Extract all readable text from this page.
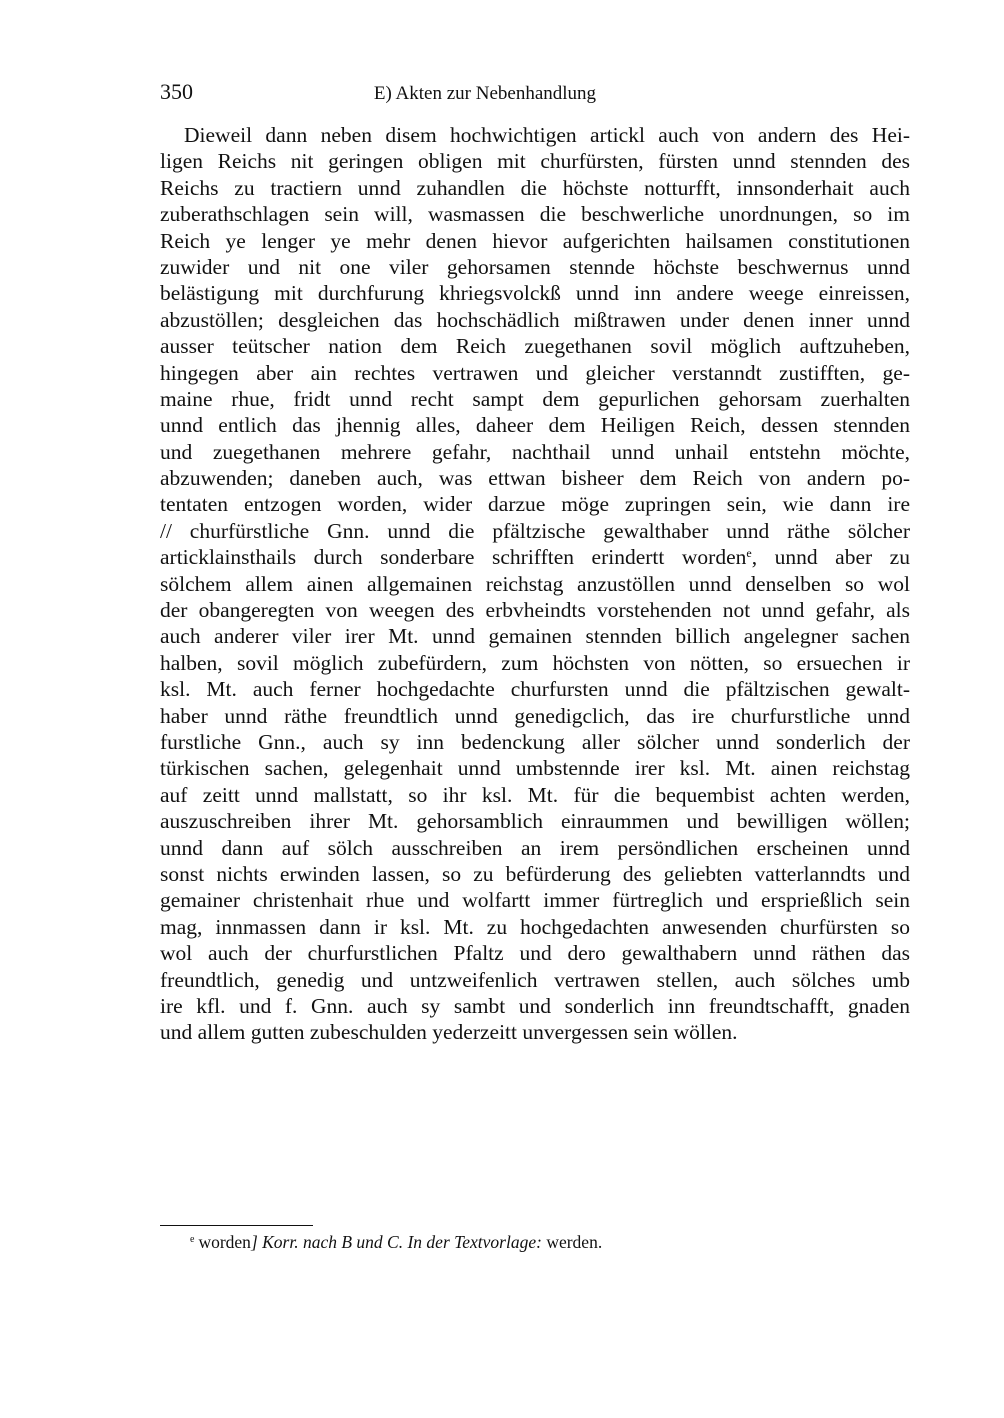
350	E) Akten zur Nebenhandlung
Dieweil dann neben disem hochwichtigen artickl auch von andern des Hei-
ligen Reichs nit geringen obligen mit churfürsten, fürsten unnd stennden des
Reichs zu tractiern unnd zuhandlen die höchste notturfft, innsonderhait auch
zuberathschlagen sein will, wasmassen die beschwerliche unordnungen, so im
Reich ye lenger ye mehr denen hievor aufgerichten hailsamen constitutionen
zuwider und nit one viler gehorsamen stennde höchste beschwernus unnd
belästigung mit durchfurung khriegsvolckß unnd inn andere weege einreissen,
abzustöllen; desgleichen das hochschädlich mißtrawen under denen inner unnd
ausser teütscher nation dem Reich zuegethanen sovil möglich auftzuheben,
hingegen aber ain rechtes vertrawen und gleicher verstanndt zustifften, ge-
maine rhue, fridt unnd recht sampt dem gepurlichen gehorsam zuerhalten
unnd entlich das jhennig alles, daheer dem Heiligen Reich, dessen stennden
und zuegethanen mehrere gefahr, nachthail unnd unhail entstehn möchte,
abzuwenden; daneben auch, was ettwan bisheer dem Reich von andern po-
tentaten entzogen worden, wider darzue möge zupringen sein, wie dann ire
// churfürstliche Gnn. unnd die pfältzische gewalthaber unnd räthe sölcher
articklainsthails durch sonderbare schrifften erindertt worden$^e$, unnd aber zu
sölchem allem ainen allgemainen reichstag anzustöllen unnd denselben so wol
der obangeregten von weegen des erbvheindts vorstehenden not unnd gefahr, als
auch anderer viler irer Mt. unnd gemainen stennden billich angelegner sachen
halben, sovil möglich zubefürdern, zum höchsten von nötten, so ersuechen ir
ksl. Mt. auch ferner hochgedachte churfursten unnd die pfältzischen gewalt-
haber unnd räthe freundtlich unnd genedigclich, das ire churfurstliche unnd
furstliche Gnn., auch sy inn bedenckung aller sölcher unnd sonderlich der
türkischen sachen, gelegenhait unnd umbstennde irer ksl. Mt. ainen reichstag
auf zeitt unnd mallstatt, so ihr ksl. Mt. für die bequembist achten werden,
auszuschreiben ihrer Mt. gehorsamblich einraummen und bewilligen wöllen;
unnd dann auf sölch ausschreiben an irem persöndlichen erscheinen unnd
sonst nichts erwinden lassen, so zu befürderung des geliebten vatterlanndts und
gemainer christenhait rhue und wolfartt immer fürtreglich und ersprießlich sein
mag, innmassen dann ir ksl. Mt. zu hochgedachten anwesenden churfürsten so
wol auch der churfurstlichen Pfaltz und dero gewalthabern unnd räthen das
freundtlich, genedig und untzweifenlich vertrawen stellen, auch sölches umb
ire kfl. und f. Gnn. auch sy sambt und sonderlich inn freundtschafft, gnaden
und allem gutten zubeschulden yederzeitt unvergessen sein wöllen.
$^e$ worden] Korr. nach B und C. In der Textvorlage: werden.
